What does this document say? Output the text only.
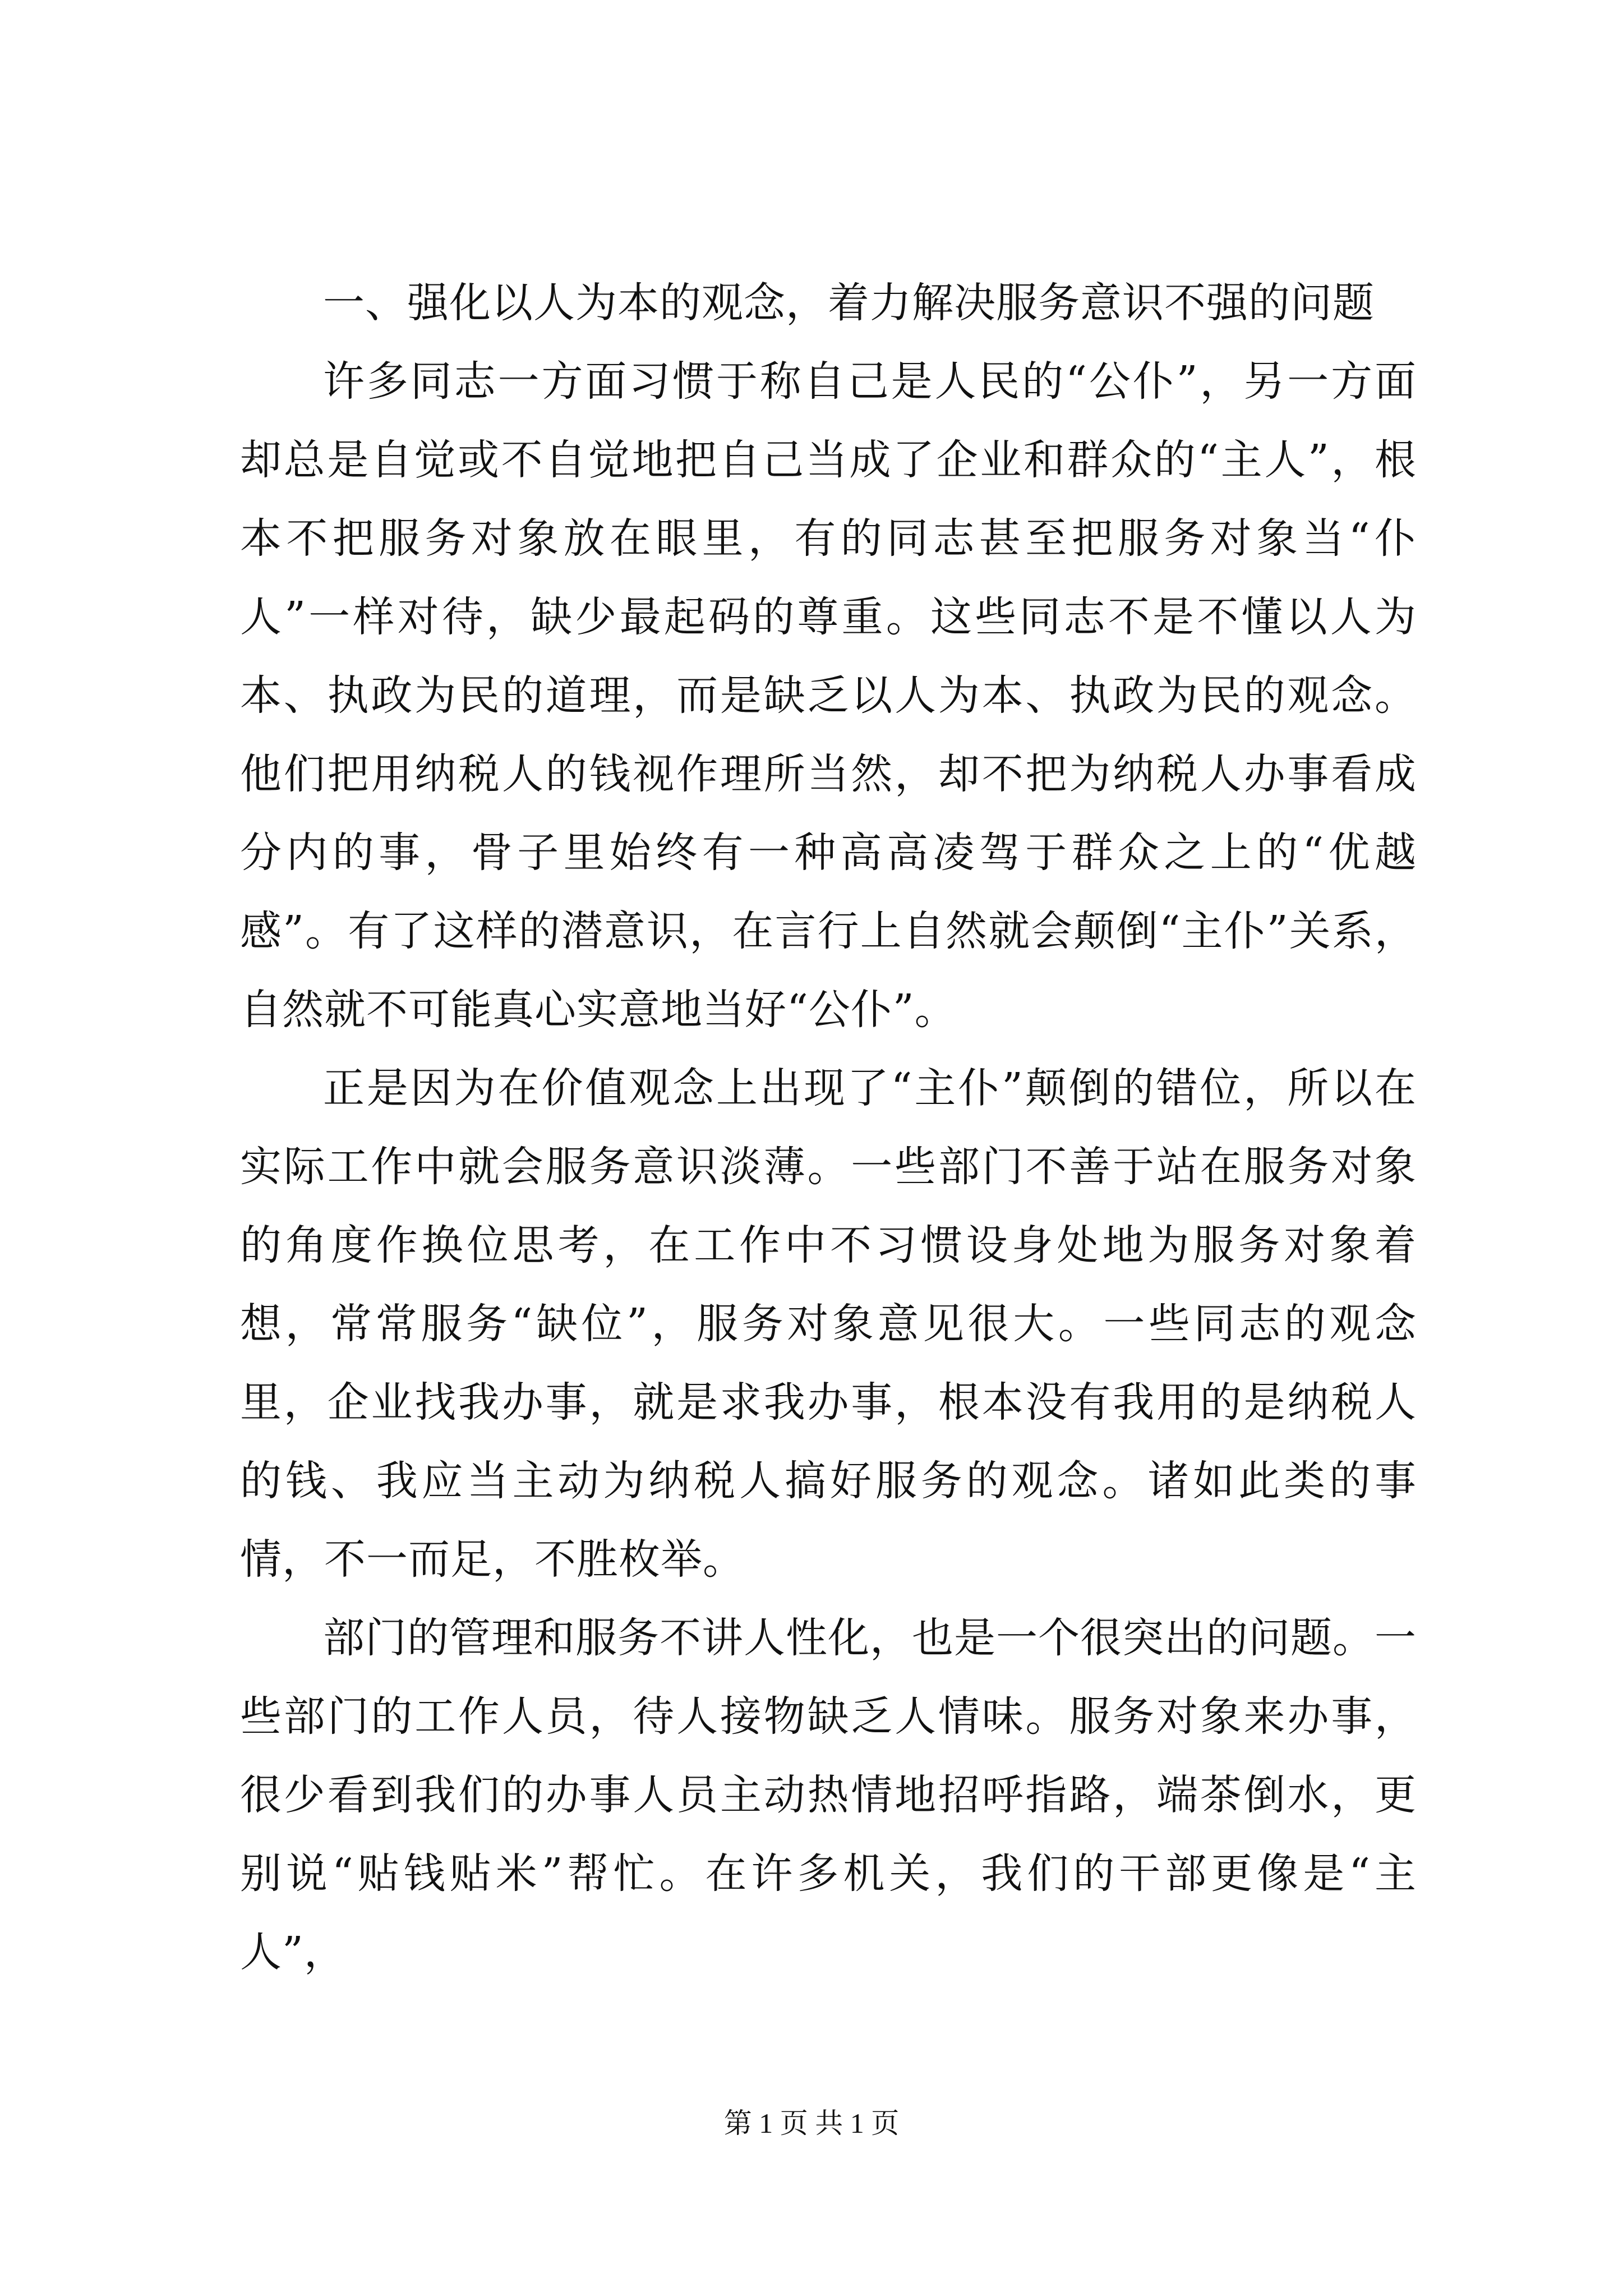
一、强化以人为本的观念，着力解决服务意识不强的问题

许多同志一方面习惯于称自己是人民的“公仆”，另一方面却总是自觉或不自觉地把自己当成了企业和群众的“主人”，根本不把服务对象放在眼里，有的同志甚至把服务对象当“仆人”一样对待，缺少最起码的尊重。这些同志不是不懂以人为本、执政为民的道理，而是缺乏以人为本、执政为民的观念。他们把用纳税人的钱视作理所当然，却不把为纳税人办事看成分内的事，骨子里始终有一种高高凌驾于群众之上的“优越感”。有了这样的潜意识，在言行上自然就会颠倒“主仆”关系，自然就不可能真心实意地当好“公仆”。

正是因为在价值观念上出现了“主仆”颠倒的错位，所以在实际工作中就会服务意识淡薄。一些部门不善于站在服务对象的角度作换位思考，在工作中不习惯设身处地为服务对象着想，常常服务“缺位”，服务对象意见很大。一些同志的观念里，企业找我办事，就是求我办事，根本没有我用的是纳税人的钱、我应当主动为纳税人搞好服务的观念。诸如此类的事情，不一而足，不胜枚举。

部门的管理和服务不讲人性化，也是一个很突出的问题。一些部门的工作人员，待人接物缺乏人情味。服务对象来办事，很少看到我们的办事人员主动热情地招呼指路，端茶倒水，更别说“贴钱贴米”帮忙。在许多机关，我们的干部更像是“主人”，

第 1 页 共 1 页
